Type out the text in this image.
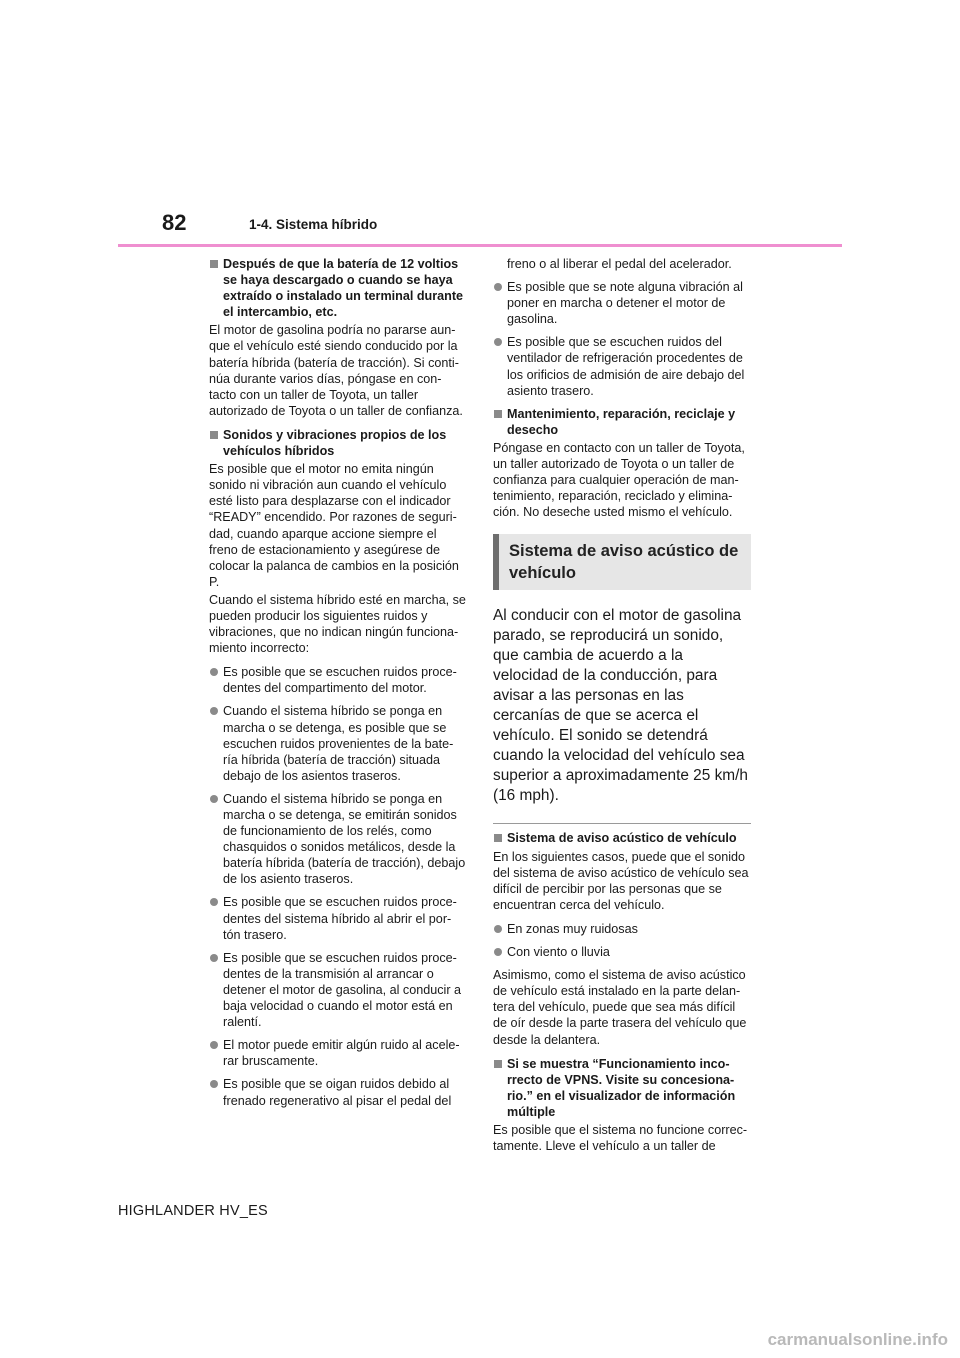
82	1-4. Sistema híbrido
Después de que la batería de 12 voltios se haya descargado o cuando se haya extraído o instalado un terminal durante el intercambio, etc.

El motor de gasolina podría no pararse aun-que el vehículo esté siendo conducido por la batería híbrida (batería de tracción). Si conti-núa durante varios días, póngase en con-tacto con un taller de Toyota, un taller autorizado de Toyota o un taller de confianza.

Sonidos y vibraciones propios de los vehículos híbridos

Es posible que el motor no emita ningún sonido ni vibración aun cuando el vehículo esté listo para desplazarse con el indicador “READY” encendido. Por razones de seguri-dad, cuando aparque accione siempre el freno de estacionamiento y asegúrese de colocar la palanca de cambios en la posición P.

Cuando el sistema híbrido esté en marcha, se pueden producir los siguientes ruidos y vibraciones, que no indican ningún funciona-miento incorrecto:

Es posible que se escuchen ruidos proce-dentes del compartimento del motor.
Cuando el sistema híbrido se ponga en marcha o se detenga, es posible que se escuchen ruidos provenientes de la bate-ría híbrida (batería de tracción) situada debajo de los asientos traseros.
Cuando el sistema híbrido se ponga en marcha o se detenga, se emitirán sonidos de funcionamiento de los relés, como chasquidos o sonidos metálicos, desde la batería híbrida (batería de tracción), debajo de los asiento traseros.
Es posible que se escuchen ruidos proce-dentes del sistema híbrido al abrir el por-tón trasero.
Es posible que se escuchen ruidos proce-dentes de la transmisión al arrancar o detener el motor de gasolina, al conducir a baja velocidad o cuando el motor está en ralentí.
El motor puede emitir algún ruido al acele-rar bruscamente.
Es posible que se oigan ruidos debido al frenado regenerativo al pisar el pedal del
freno o al liberar el pedal del acelerador.
Es posible que se note alguna vibración al poner en marcha o detener el motor de gasolina.
Es posible que se escuchen ruidos del ventilador de refrigeración procedentes de los orificios de admisión de aire debajo del asiento trasero.
Mantenimiento, reparación, reciclaje y desecho

Póngase en contacto con un taller de Toyota, un taller autorizado de Toyota o un taller de confianza para cualquier operación de man-tenimiento, reparación, reciclado y elimina-ción. No deseche usted mismo el vehículo.

Sistema de aviso acústico de
vehículo

Al conducir con el motor de gasolina parado, se reproducirá un sonido, que cambia de acuerdo a la velocidad de la conducción, para avisar a las personas en las cercanías de que se acerca el vehículo. El sonido se detendrá cuando la velocidad del vehículo sea superior a aproximadamente 25 km/h (16 mph).

Sistema de aviso acústico de vehículo

En los siguientes casos, puede que el sonido del sistema de aviso acústico de vehículo sea difícil de percibir por las personas que se encuentran cerca del vehículo.

En zonas muy ruidosas
Con viento o lluvia

Asimismo, como el sistema de aviso acústico de vehículo está instalado en la parte delan-tera del vehículo, puede que sea más difícil de oír desde la parte trasera del vehículo que desde la delantera.

Si se muestra “Funcionamiento inco-rrecto de VPNS. Visite su concesiona-rio.” en el visualizador de información múltiple

Es posible que el sistema no funcione correc-tamente. Lleve el vehículo a un taller de

HIGHLANDER HV_ES
carmanualsonline.info
